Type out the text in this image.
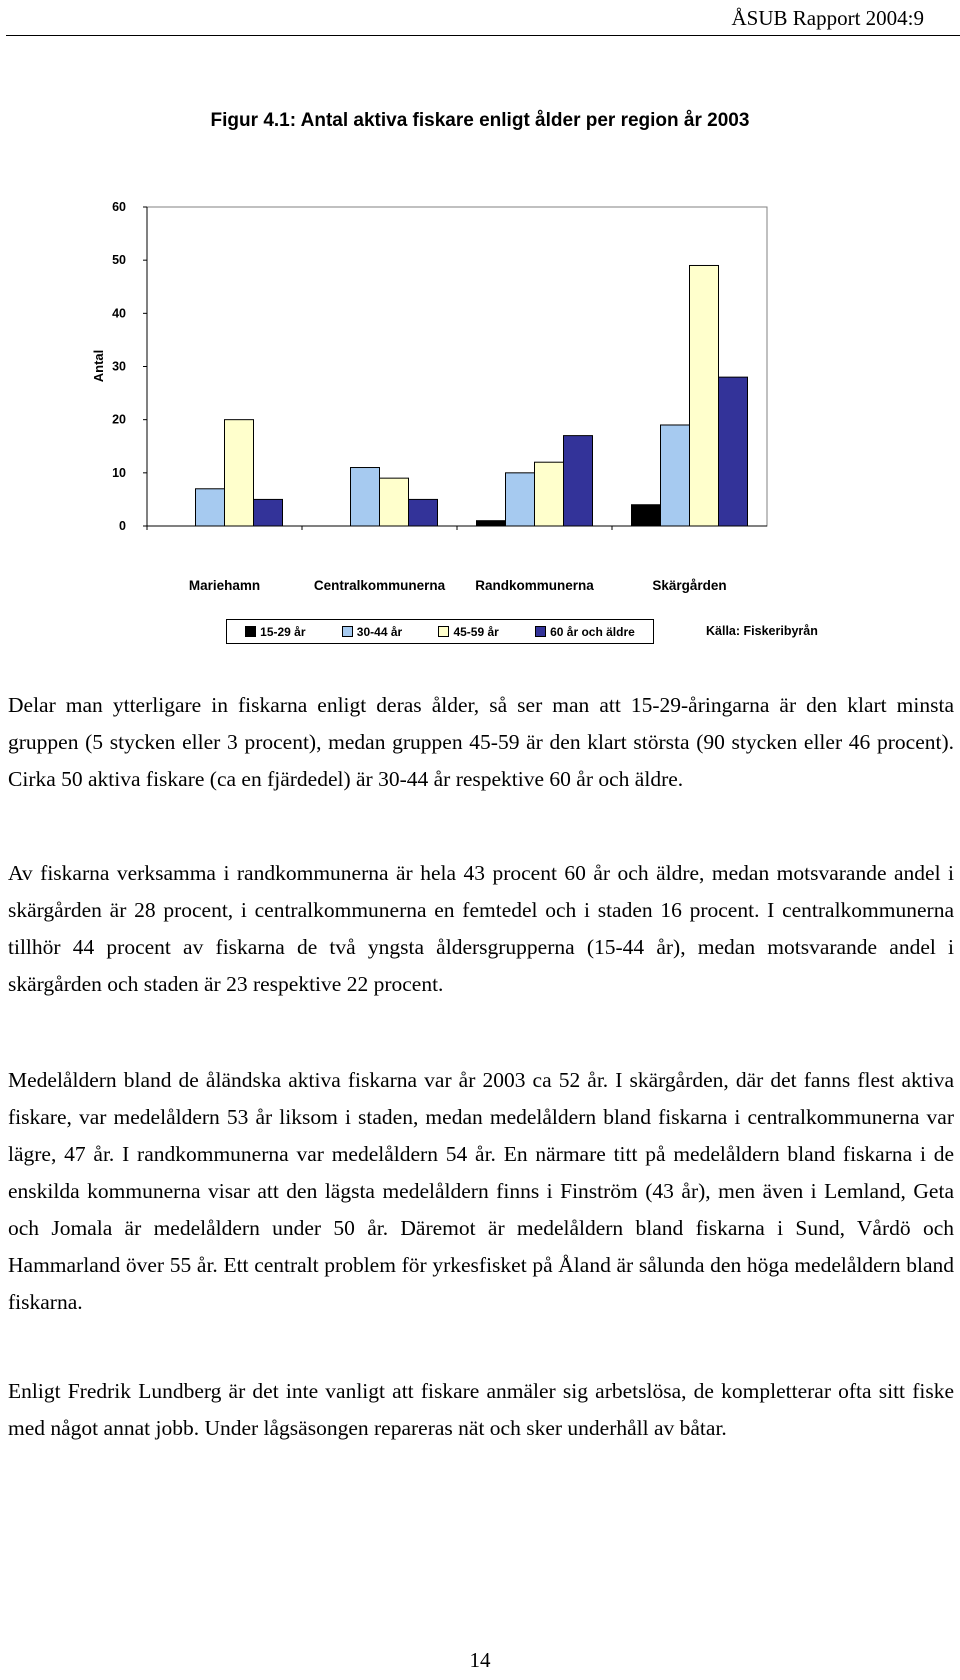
ÅSUB Rapport 2004:9
Figur 4.1: Antal aktiva fiskare enligt ålder per region år 2003
0
10
20
30
40
50
60
Antal
Mariehamn	Centralkommunerna Randkommunerna	Skärgården
15-29 år	30-44 år	45-59 år	60 år och äldre	Källa: Fiskeribyrån

Delar man ytterligare in fiskarna enligt deras ålder, så ser man att 15-29-åringarna är den klart minsta gruppen (5 stycken eller 3 procent), medan gruppen 45-59 är den klart största (90 stycken eller 46 procent). Cirka 50 aktiva fiskare (ca en fjärdedel) är 30-44 år respektive 60 år och äldre.

Av fiskarna verksamma i randkommunerna är hela 43 procent 60 år och äldre, medan motsvarande andel i skärgården är 28 procent, i centralkommunerna en femtedel och i staden 16 procent. I centralkommunerna tillhör 44 procent av fiskarna de två yngsta åldersgrupperna (15-44 år), medan motsvarande andel i skärgården och staden är 23 respektive 22 procent.

Medelåldern bland de åländska aktiva fiskarna var år 2003 ca 52 år. I skärgården, där det fanns flest aktiva fiskare, var medelåldern 53 år liksom i staden, medan medelåldern bland fiskarna i centralkommunerna var lägre, 47 år. I randkommunerna var medelåldern 54 år. En närmare titt på medelåldern bland fiskarna i de enskilda kommunerna visar att den lägsta medelåldern finns i Finström (43 år), men även i Lemland, Geta och Jomala är medelåldern under 50 år. Däremot är medelåldern bland fiskarna i Sund, Vårdö och Hammarland över 55 år. Ett centralt problem för yrkesfisket på Åland är sålunda den höga medelåldern bland fiskarna.

Enligt Fredrik Lundberg är det inte vanligt att fiskare anmäler sig arbetslösa, de kompletterar ofta sitt fiske med något annat jobb. Under lågsäsongen repareras nät och sker underhåll av båtar.

14
